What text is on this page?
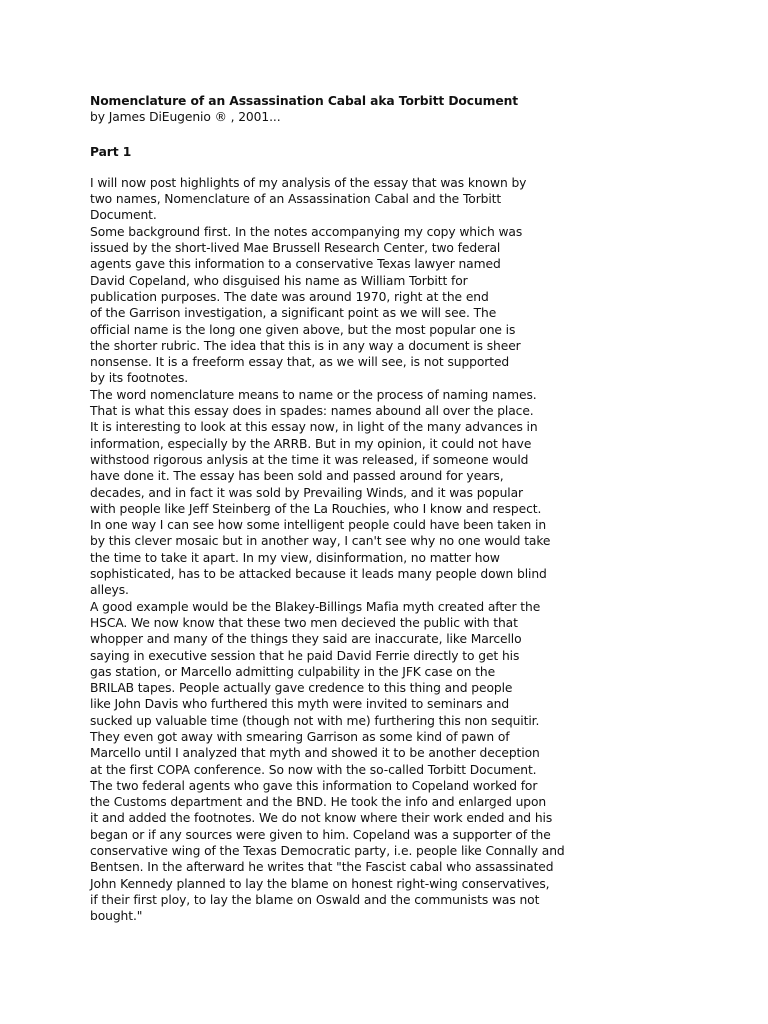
Nomenclature of an Assassination Cabal aka Torbitt Document
by James DiEugenio ® , 2001...
Part 1
I will now post highlights of my analysis of the essay that was known by
two names, Nomenclature of an Assassination Cabal and the Torbitt
Document.
Some background first. In the notes accompanying my copy which was
issued by the short-lived Mae Brussell Research Center, two federal
agents gave this information to a conservative Texas lawyer named
David Copeland, who disguised his name as William Torbitt for
publication purposes. The date was around 1970, right at the end
of the Garrison investigation, a significant point as we will see. The
official name is the long one given above, but the most popular one is
the shorter rubric. The idea that this is in any way a document is sheer
nonsense. It is a freeform essay that, as we will see, is not supported
by its footnotes.
The word nomenclature means to name or the process of naming names.
That is what this essay does in spades: names abound all over the place.
It is interesting to look at this essay now, in light of the many advances in
information, especially by the ARRB. But in my opinion, it could not have
withstood rigorous anlysis at the time it was released, if someone would
have done it. The essay has been sold and passed around for years,
decades, and in fact it was sold by Prevailing Winds, and it was popular
with people like Jeff Steinberg of the La Rouchies, who I know and respect.
In one way I can see how some intelligent people could have been taken in
by this clever mosaic but in another way, I can't see why no one would take
the time to take it apart. In my view, disinformation, no matter how
sophisticated, has to be attacked because it leads many people down blind
alleys.
A good example would be the Blakey-Billings Mafia myth created after the
HSCA. We now know that these two men decieved the public with that
whopper and many of the things they said are inaccurate, like Marcello
saying in executive session that he paid David Ferrie directly to get his
gas station, or Marcello admitting culpability in the JFK case on the
BRILAB tapes. People actually gave credence to this thing and people
like John Davis who furthered this myth were invited to seminars and
sucked up valuable time (though not with me) furthering this non sequitir.
They even got away with smearing Garrison as some kind of pawn of
Marcello until I analyzed that myth and showed it to be another deception
at the first COPA conference. So now with the so-called Torbitt Document.
The two federal agents who gave this information to Copeland worked for
the Customs department and the BND. He took the info and enlarged upon
it and added the footnotes. We do not know where their work ended and his
began or if any sources were given to him. Copeland was a supporter of the
conservative wing of the Texas Democratic party, i.e. people like Connally and
Bentsen. In the afterward he writes that "the Fascist cabal who assassinated
John Kennedy planned to lay the blame on honest right-wing conservatives,
if their first ploy, to lay the blame on Oswald and the communists was not
bought."
